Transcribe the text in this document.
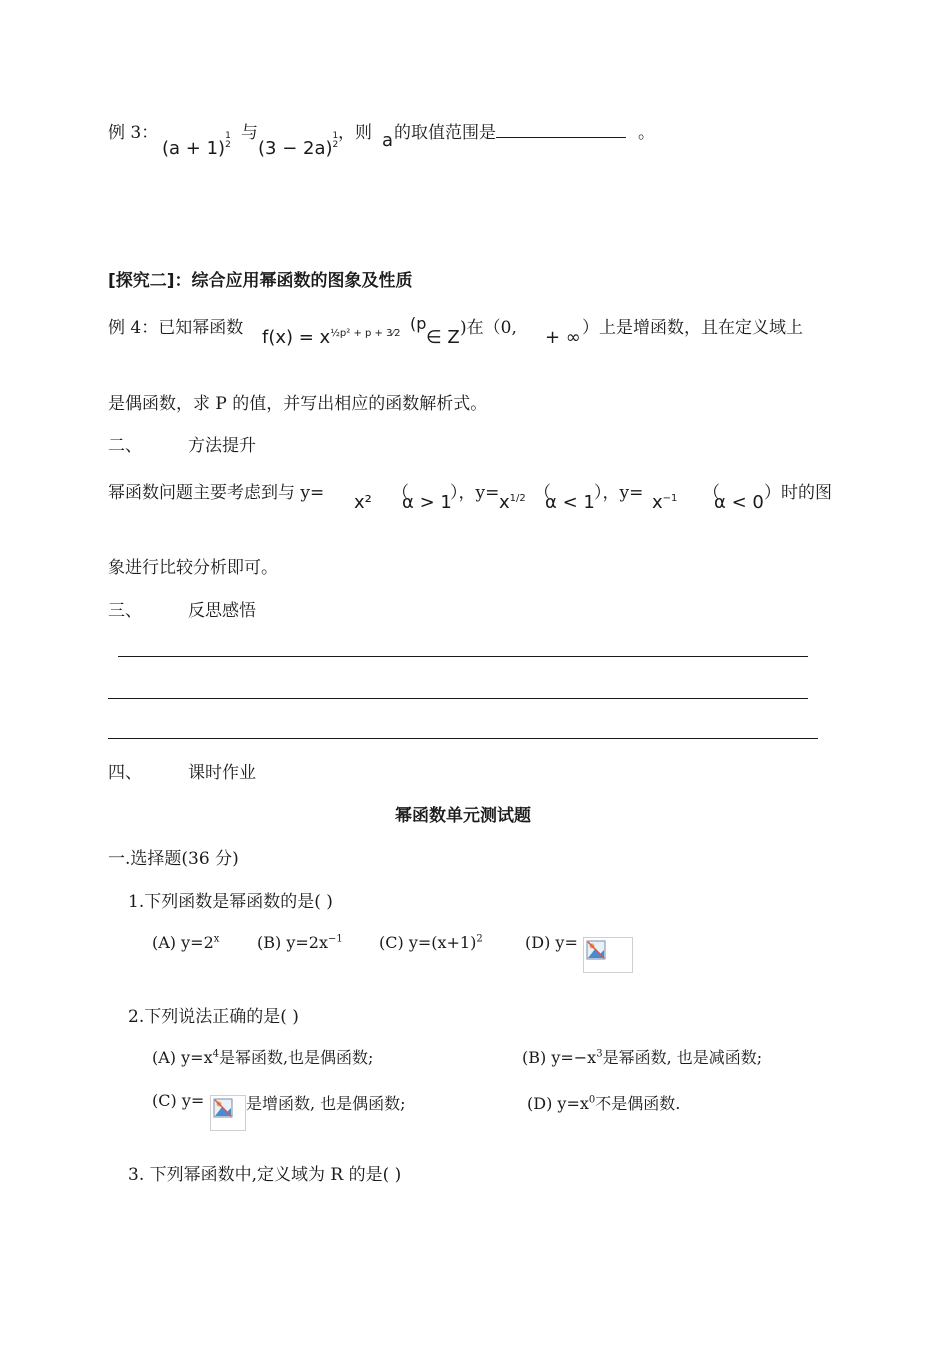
例 3：
(a + 1)
1
2
与
(3 − 2a)
1
2
，则 a 的取值范围是	。
[探究二]：综合应用幂函数的图象及性质
例 4：已知幂函数 $f(x) = x^{\frac{1}{2}p^2 + p + 3⁄2}$
(p
∈ Z )在（0, + ∞ ）上是增函数，且在定义域上
是偶函数，求 P 的值，并写出相应的函数解析式。
二、	方法提升
幂函数问题主要考虑到与 y= x² （
α > 1
），$y= x^{1/2}$ （
α < 1 ），$y= x^{-1}$ （
α < 0 ）时的图
象进行比较分析即可。
三、	反思感悟
四、	课时作业
幂函数单元测试题
一.选择题(36 分)
1.下列函数是幂函数的是( )
(A) $y=2^x$ (B) $y=2x^{-1}$ (C) $y=(x+1)^2$	(D) y=
2.下列说法正确的是( )
(A) $y=x^4$是幂函数,也是偶函数;	(B) $y=-x^3$是幂函数, 也是减函数;
(C) y=	是增函数, 也是偶函数;	(D) $y=x^0$不是偶函数.
3. 下列幂函数中,定义域为 R 的是( )
